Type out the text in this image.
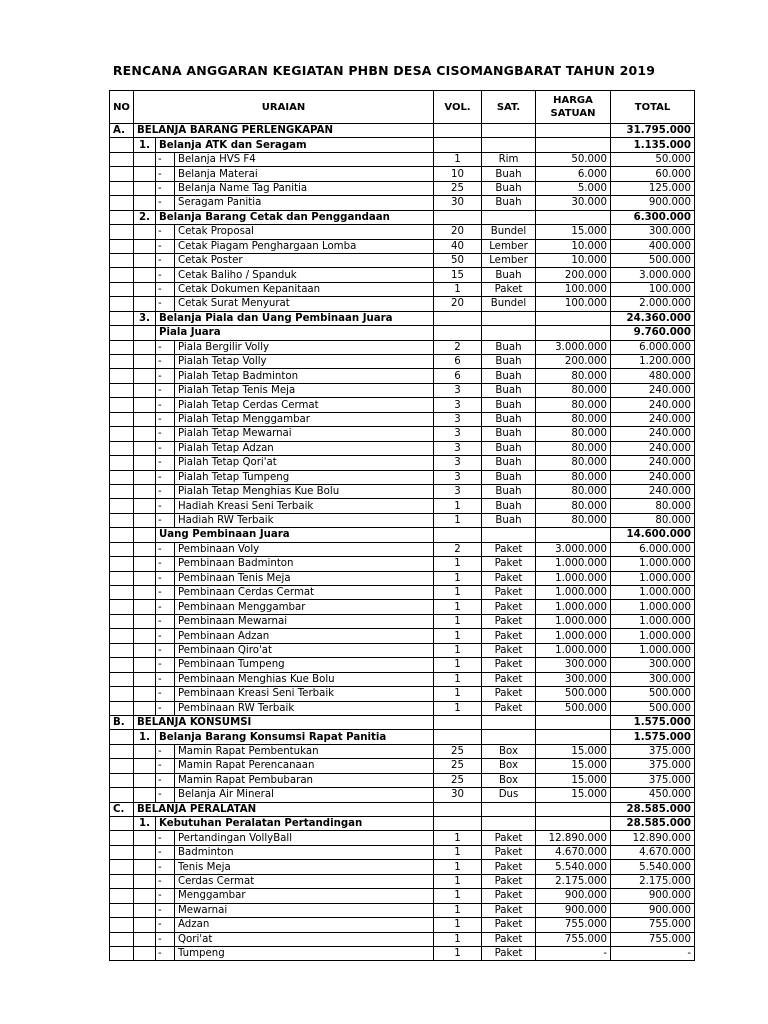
RENCANA ANGGARAN KEGIATAN PHBN DESA CISOMANGBARAT TAHUN 2019
NO	URAIAN			VOL.	SAT.	HARGA SATUAN	TOTAL
A.	BELANJA BARANG PERLENGKAPAN						31.795.000
	1.	Belanja ATK dan Seragam					1.135.000
		-	Belanja HVS F4	1	Rim	50.000	50.000
		-	Belanja Materai	10	Buah	6.000	60.000
		-	Belanja Name Tag Panitia	25	Buah	5.000	125.000
		-	Seragam Panitia	30	Buah	30.000	900.000
	2.	Belanja Barang Cetak dan Penggandaan					6.300.000
		-	Cetak Proposal	20	Bundel	15.000	300.000
		-	Cetak Piagam Penghargaan Lomba	40	Lember	10.000	400.000
		-	Cetak Poster	50	Lember	10.000	500.000
		-	Cetak Baliho / Spanduk	15	Buah	200.000	3.000.000
		-	Cetak Dokumen Kepanitaan	1	Paket	100.000	100.000
		-	Cetak Surat Menyurat	20	Bundel	100.000	2.000.000
	3.	Belanja Piala dan Uang Pembinaan Juara					24.360.000
		Piala Juara					9.760.000
		-	Piala Bergilir Volly	2	Buah	3.000.000	6.000.000
		-	Pialah Tetap Volly	6	Buah	200.000	1.200.000
		-	Pialah Tetap Badminton	6	Buah	80.000	480.000
		-	Pialah Tetap Tenis Meja	3	Buah	80.000	240.000
		-	Pialah Tetap Cerdas Cermat	3	Buah	80.000	240.000
		-	Pialah Tetap Menggambar	3	Buah	80.000	240.000
		-	Pialah Tetap Mewarnai	3	Buah	80.000	240.000
		-	Pialah Tetap Adzan	3	Buah	80.000	240.000
		-	Pialah Tetap Qori'at	3	Buah	80.000	240.000
		-	Pialah Tetap Tumpeng	3	Buah	80.000	240.000
		-	Pialah Tetap Menghias Kue Bolu	3	Buah	80.000	240.000
		-	Hadiah Kreasi Seni Terbaik	1	Buah	80.000	80.000
		-	Hadiah RW Terbaik	1	Buah	80.000	80.000
		Uang Pembinaan Juara					14.600.000
		-	Pembinaan Voly	2	Paket	3.000.000	6.000.000
		-	Pembinaan Badminton	1	Paket	1.000.000	1.000.000
		-	Pembinaan Tenis Meja	1	Paket	1.000.000	1.000.000
		-	Pembinaan Cerdas Cermat	1	Paket	1.000.000	1.000.000
		-	Pembinaan Menggambar	1	Paket	1.000.000	1.000.000
		-	Pembinaan Mewarnai	1	Paket	1.000.000	1.000.000
		-	Pembinaan Adzan	1	Paket	1.000.000	1.000.000
		-	Pembinaan Qiro'at	1	Paket	1.000.000	1.000.000
		-	Pembinaan Tumpeng	1	Paket	300.000	300.000
		-	Pembinaan Menghias Kue Bolu	1	Paket	300.000	300.000
		-	Pembinaan Kreasi Seni Terbaik	1	Paket	500.000	500.000
		-	Pembinaan RW Terbaik	1	Paket	500.000	500.000
B.	BELANJA KONSUMSI						1.575.000
	1.	Belanja Barang Konsumsi Rapat Panitia					1.575.000
		-	Mamin Rapat Pembentukan	25	Box	15.000	375.000
		-	Mamin Rapat Perencanaan	25	Box	15.000	375.000
		-	Mamin Rapat Pembubaran	25	Box	15.000	375.000
		-	Belanja Air Mineral	30	Dus	15.000	450.000
C.	BELANJA PERALATAN						28.585.000
	1.	Kebutuhan Peralatan Pertandingan					28.585.000
		-	Pertandingan VollyBall	1	Paket	12.890.000	12.890.000
		-	Badminton	1	Paket	4.670.000	4.670.000
		-	Tenis Meja	1	Paket	5.540.000	5.540.000
		-	Cerdas Cermat	1	Paket	2.175.000	2.175.000
		-	Menggambar	1	Paket	900.000	900.000
		-	Mewarnai	1	Paket	900.000	900.000
		-	Adzan	1	Paket	755.000	755.000
		-	Qori'at	1	Paket	755.000	755.000
		-	Tumpeng	1	Paket	-	-
